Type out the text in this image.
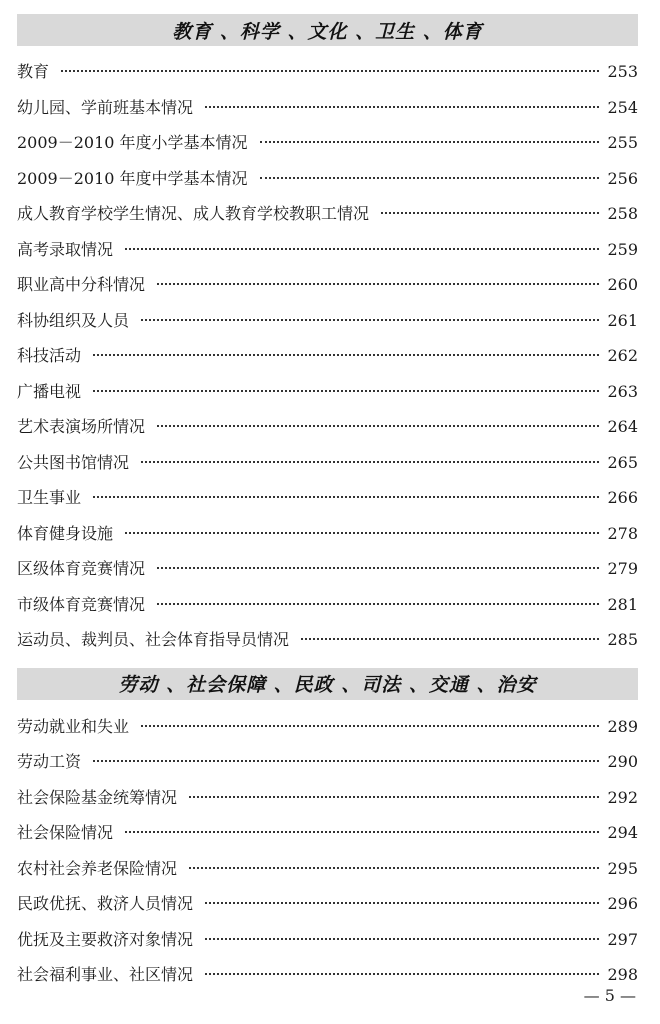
教育 、科学 、文化 、卫生 、体育
教育	253
幼儿园、学前班基本情况	254
2009－2010 年度小学基本情况	255
2009－2010 年度中学基本情况	256
成人教育学校学生情况、成人教育学校教职工情况	258
高考录取情况	259
职业高中分科情况	260
科协组织及人员	261
科技活动	262
广播电视	263
艺术表演场所情况	264
公共图书馆情况	265
卫生事业	266
体育健身设施	278
区级体育竞赛情况	279
市级体育竞赛情况	281
运动员、裁判员、社会体育指导员情况	285
劳动 、社会保障 、民政 、司法 、交通 、治安
劳动就业和失业	289
劳动工资	290
社会保险基金统筹情况	292
社会保险情况	294
农村社会养老保险情况	295
民政优抚、救济人员情况	296
优抚及主要救济对象情况	297
社会福利事业、社区情况	298
— 5 —
